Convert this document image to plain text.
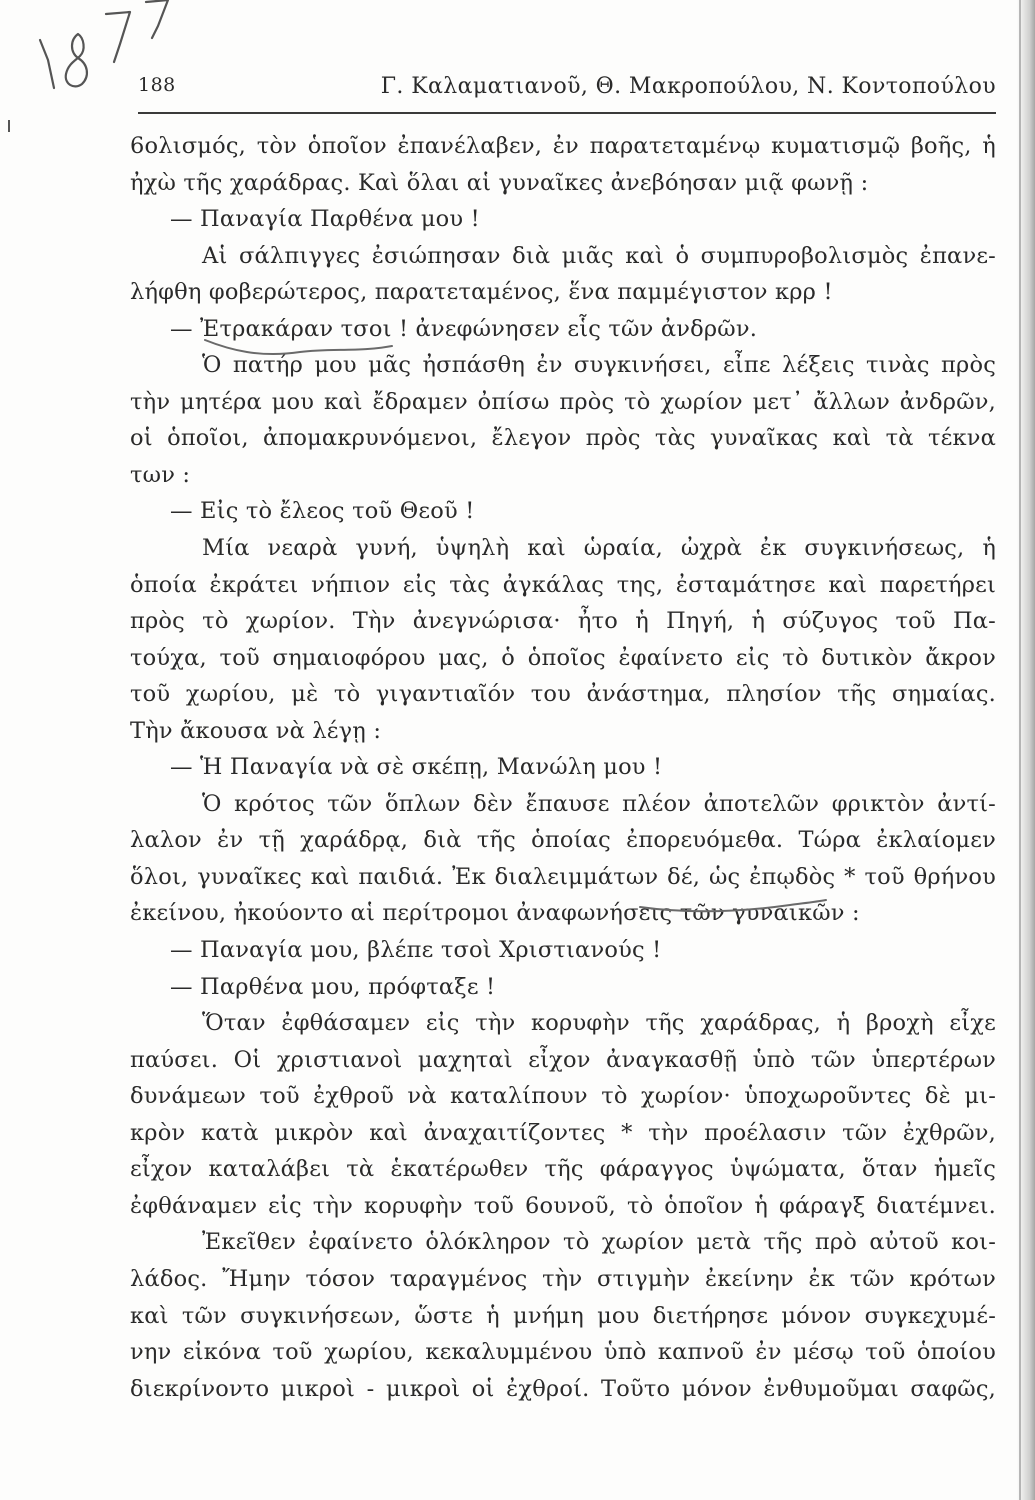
188	Γ. Καλαματιανοῦ, Θ. Μακροπούλου, Ν. Κοντοπούλου
6ολισμός, τὸν ὁποῖον ἐπανέλαβεν, ἐν παρατεταμένῳ κυματισμῷ βοῆς, ἡ
ἠχὼ τῆς χαράδρας. Καὶ ὅλαι αἱ γυναῖκες ἀνεβόησαν μιᾷ φωνῇ :
— Παναγία Παρθένα μου !
Αἱ σάλπιγγες ἐσιώπησαν διὰ μιᾶς καὶ ὁ συμπυροβολισμὸς ἐπανε-
λήφθη φοβερώτερος, παρατεταμένος, ἕνα παμμέγιστον κρρ !
— Ἐτρακάραν τσοι ! ἀνεφώνησεν εἷς τῶν ἀνδρῶν.
Ὁ πατήρ μου μᾶς ἠσπάσθη ἐν συγκινήσει, εἶπε λέξεις τινὰς πρὸς
τὴν μητέρα μου καὶ ἔδραμεν ὀπίσω πρὸς τὸ χωρίον μετ᾽ ἄλλων ἀνδρῶν,
οἱ ὁποῖοι, ἀπομακρυνόμενοι, ἔλεγον πρὸς τὰς γυναῖκας καὶ τὰ τέκνα
των :
— Εἰς τὸ ἔλεος τοῦ Θεοῦ !
Μία νεαρὰ γυνή, ὑψηλὴ καὶ ὡραία, ὠχρὰ ἐκ συγκινήσεως, ἡ
ὁποία ἐκράτει νήπιον εἰς τὰς ἀγκάλας της, ἐσταμάτησε καὶ παρετήρει
πρὸς τὸ χωρίον. Τὴν ἀνεγνώρισα· ἦτο ἡ Πηγή, ἡ σύζυγος τοῦ Πα-
τούχα, τοῦ σημαιοφόρου μας, ὁ ὁποῖος ἐφαίνετο εἰς τὸ δυτικὸν ἄκρον
τοῦ χωρίου, μὲ τὸ γιγαντιαῖόν του ἀνάστημα, πλησίον τῆς σημαίας.
Τὴν ἄκουσα νὰ λέγῃ :
— Ἡ Παναγία νὰ σὲ σκέπῃ, Μανώλη μου !
Ὁ κρότος τῶν ὅπλων δὲν ἔπαυσε πλέον ἀποτελῶν φρικτὸν ἀντί-
λαλον ἐν τῇ χαράδρᾳ, διὰ τῆς ὁποίας ἐπορευόμεθα. Τώρα ἐκλαίομεν
ὅλοι, γυναῖκες καὶ παιδιά. Ἐκ διαλειμμάτων δέ, ὡς ἐπῳδὸς * τοῦ θρήνου
ἐκείνου, ἠκούοντο αἱ περίτρομοι ἀναφωνήσεις τῶν γυναικῶν :
— Παναγία μου, βλέπε τσοὶ Χριστιανούς !
— Παρθένα μου, πρόφταξε !
Ὅταν ἐφθάσαμεν εἰς τὴν κορυφὴν τῆς χαράδρας, ἡ βροχὴ εἶχε
παύσει. Οἱ χριστιανοὶ μαχηταὶ εἶχον ἀναγκασθῇ ὑπὸ τῶν ὑπερτέρων
δυνάμεων τοῦ ἐχθροῦ νὰ καταλίπουν τὸ χωρίον· ὑποχωροῦντες δὲ μι-
κρὸν κατὰ μικρὸν καὶ ἀναχαιτίζοντες * τὴν προέλασιν τῶν ἐχθρῶν,
εἶχον καταλάβει τὰ ἑκατέρωθεν τῆς φάραγγος ὑψώματα, ὅταν ἡμεῖς
ἐφθάναμεν εἰς τὴν κορυφὴν τοῦ 6ουνοῦ, τὸ ὁποῖον ἡ φάραγξ διατέμνει.
Ἐκεῖθεν ἐφαίνετο ὁλόκληρον τὸ χωρίον μετὰ τῆς πρὸ αὐτοῦ κοι-
λάδος. Ἤμην τόσον ταραγμένος τὴν στιγμὴν ἐκείνην ἐκ τῶν κρότων
καὶ τῶν συγκινήσεων, ὥστε ἡ μνήμη μου διετήρησε μόνον συγκεχυμέ-
νην εἰκόνα τοῦ χωρίου, κεκαλυμμένου ὑπὸ καπνοῦ ἐν μέσῳ τοῦ ὁποίου
διεκρίνοντο μικροὶ - μικροὶ οἱ ἐχθροί. Τοῦτο μόνον ἐνθυμοῦμαι σαφῶς,
